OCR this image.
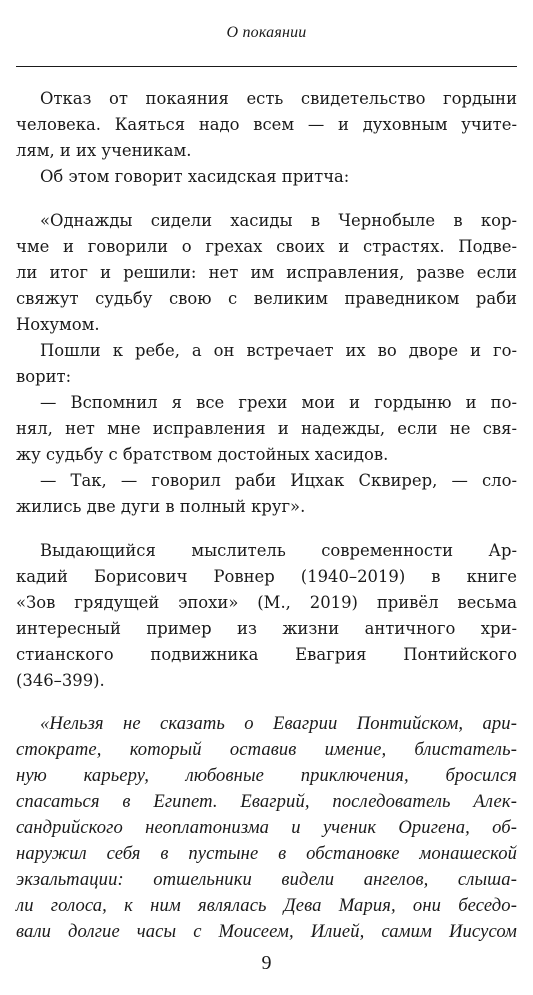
О покаянии
Отказ от покаяния есть свидетельство гордыни
человека. Каяться надо всем — и духовным учите-
лям, и их ученикам.
Об этом говорит хасидская притча:
«Однажды сидели хасиды в Чернобыле в кор-
чме и говорили о грехах своих и страстях. Подве-
ли итог и решили: нет им исправления, разве если
свяжут судьбу свою с великим праведником раби
Нохумом.
Пошли к ребе, а он встречает их во дворе и го-
ворит:
— Вспомнил я все грехи мои и гордыню и по-
нял, нет мне исправления и надежды, если не свя-
жу судьбу с братством достойных хасидов.
— Так, — говорил раби Ицхак Сквирер, — сло-
жились две дуги в полный круг».
Выдающийся мыслитель современности Ар-
кадий Борисович Ровнер (1940–2019) в книге
«Зов грядущей эпохи» (М., 2019) привёл весьма
интересный пример из жизни античного хри-
стианского подвижника Евагрия Понтийского
(346–399).
«Нельзя не сказать о Евагрии Понтийском, ари-
стократе, который оставив имение, блистатель-
ную карьеру, любовные приключения, бросился
спасаться в Египет. Евагрий, последователь Алек-
сандрийского неоплатонизма и ученик Оригена, об-
наружил себя в пустыне в обстановке монашеской
экзальтации: отшельники видели ангелов, слыша-
ли голоса, к ним являлась Дева Мария, они беседо-
вали долгие часы с Моисеем, Илией, самим Иисусом
9
